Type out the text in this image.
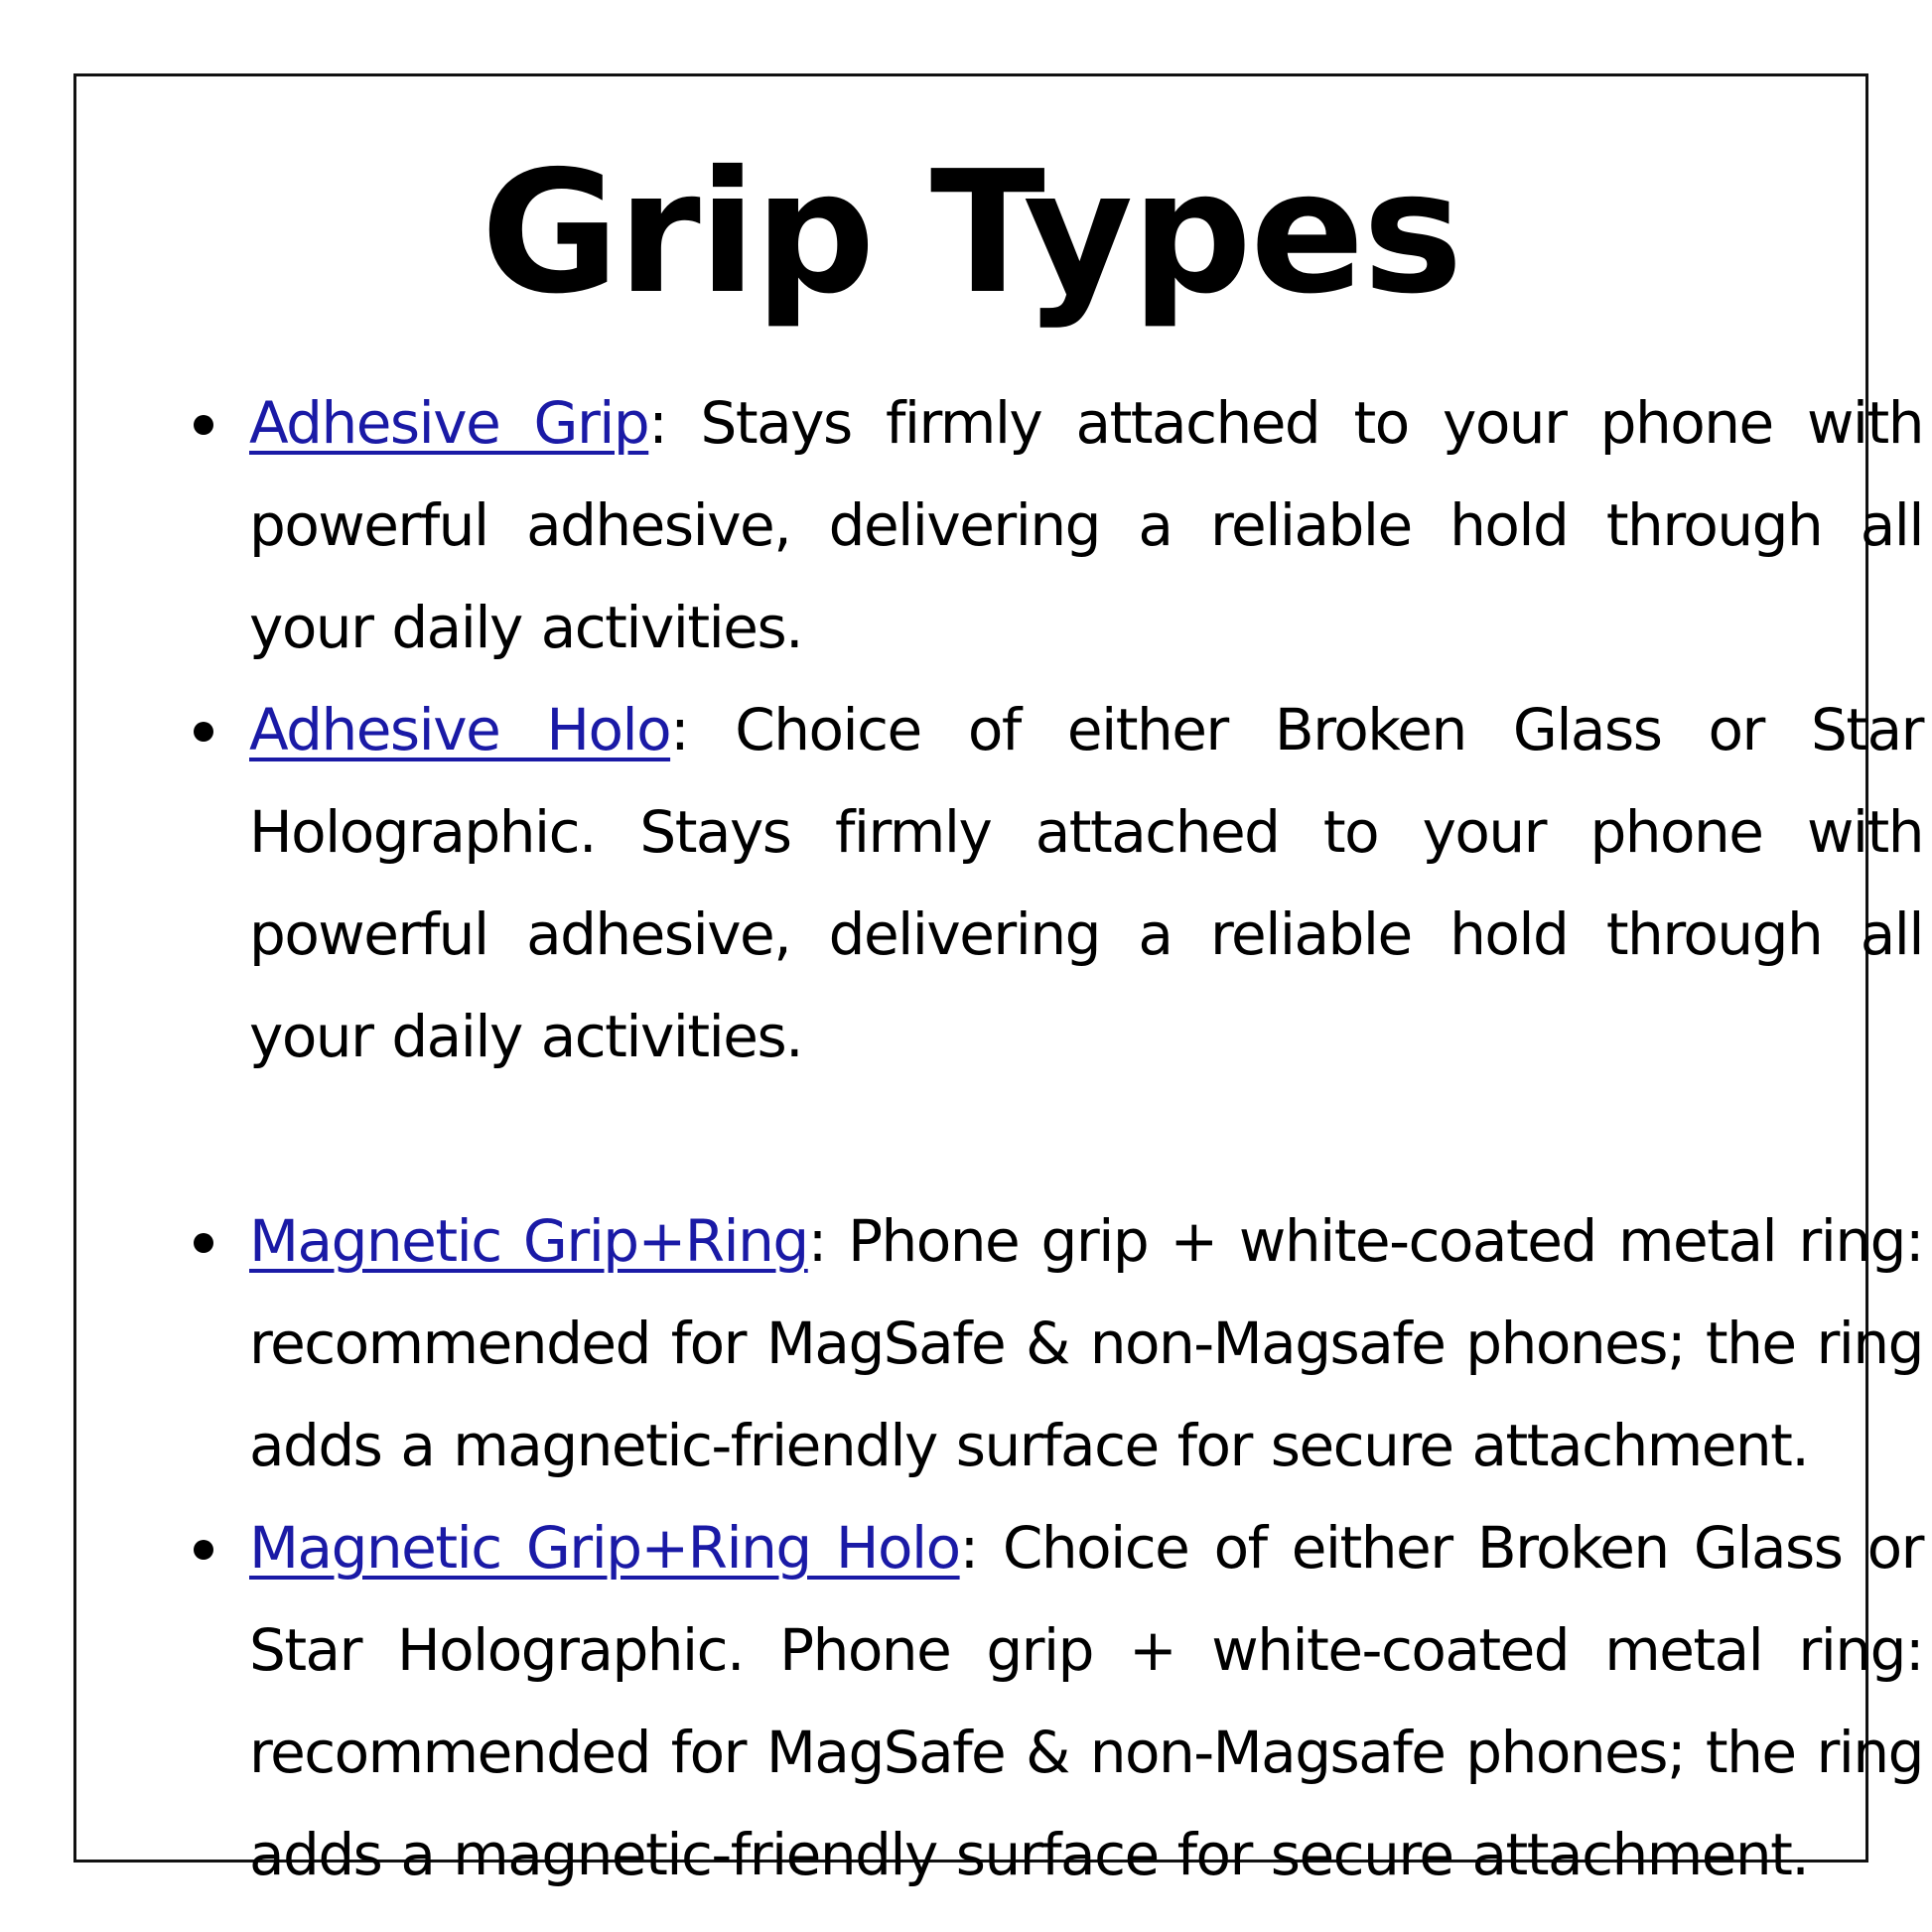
Grip Types
Adhesive Grip: Stays firmly attached to your phone with powerful adhesive, delivering a reliable hold through all your daily activities.
Adhesive Holo: Choice of either Broken Glass or Star Holographic. Stays firmly attached to your phone with powerful adhesive, delivering a reliable hold through all your daily activities.
Magnetic Grip+Ring: Phone grip + white-coated metal ring: recommended for MagSafe & non-Magsafe phones; the ring adds a magnetic-friendly surface for secure attachment.
Magnetic Grip+Ring Holo: Choice of either Broken Glass or Star Holographic. Phone grip + white-coated metal ring: recommended for MagSafe & non-Magsafe phones; the ring adds a magnetic-friendly surface for secure attachment.
